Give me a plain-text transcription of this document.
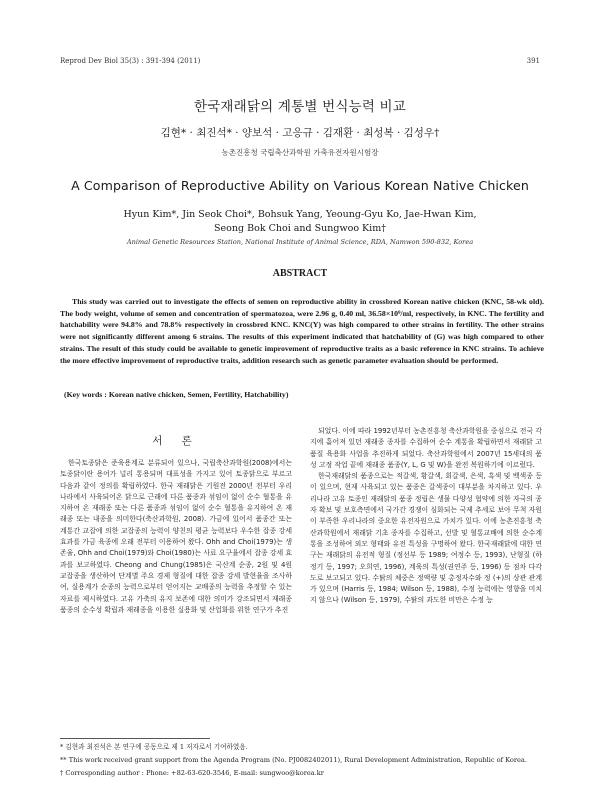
Reprod Dev Biol 35(3) : 391-394 (2011)	391
한국재래닭의 계통별 번식능력 비교
김현* · 최진석* · 양보석 · 고응규 · 김재환 · 최성복 · 김성우†
농촌진흥청 국립축산과학원 가축유전자원시험장
A Comparison of Reproductive Ability on Various Korean Native Chicken
Hyun Kim*, Jin Seok Choi*, Bohsuk Yang, Yeoung-Gyu Ko, Jae-Hwan Kim,
Seong Bok Choi and Sungwoo Kim†
Animal Genetic Resources Station, National Institute of Animal Science, RDA, Namwon 590-832, Korea
ABSTRACT
This study was carried out to investigate the effects of semen on reproductive ability in crossbred Korean native chicken (KNC, 58-wk old). The body weight, volume of semen and concentration of spermatozoa, were 2.96 g, 0.40 ml, 36.58×10⁹/ml, respectively, in KNC. The fertility and hatchability were 94.8% and 78.8% respectively in crossbred KNC. KNC(Y) was high compared to other strains in fertility. The other strains were not significantly different among 6 strains. The results of this experiment indicated that hatchability of (G) was high compared to other strains. The result of this study could be available to genetic improvement of reproductive traits as a basic reference in KNC strains. To achieve the more effective improvement of reproductive traits, addition research such as genetic parameter evaluation should be performed.
(Key words : Korean native chicken, Semen, Fertility, Hatchability)
서 론

한국토종닭은 준육용계로 분류되어 있으나, 국립축산과학원(2008)에서는 토종닭이란 용어가 널리 통용되며 대표성을 가지고 있어 토종닭으로 부르고 다음과 같이 정의를 확립하였다. 한국 재래닭은 기원전 2000년 전부터 우리나라에서 사육되어온 닭으로 근래에 다른 품종과 섞임이 없이 순수 혈통을 유지하여 온 재래종 또는 다른 품종과 섞임이 없이 순수 혈통을 유지하여 온 재래종 또는 내종을 의미한다(축산과학원, 2008). 가금에 있어서 품종간 또는 계통간 교잡에 의한 교잡종의 능력이 양친의 평균 능력보다 우수한 잡종 강세 효과를 가금 육종에 오래 전부터 이용하여 왔다. Ohh and Choi(1979)는 생존율, Ohh and Choi(1979)와 Choi(1980)는 사료 요구율에서 잡종 강세 효과를 보고하였다. Cheong and Chung(1985)은 국산계 순종, 2원 및 4원 교잡종을 생산하여 단계별 주요 경제 형질에 대한 잡종 강세 발현율을 조사하여, 실용계가 순종의 능력으로부터 얻어지는 교배종의 능력을 추정할 수 있는 자료를 제시하였다. 고유 가축의 유지 보존에 대한 의미가 강조되면서 재래종 품종의 순수성 확립과 재래종을 이용한 실용화 및 산업화를 위한 연구가 추진

되었다. 이에 따라 1992년부터 농촌진흥청 축산과학원을 중심으로 전국 각지에 흩어져 있던 재래종 종자를 수집하여 순수 계통을 확립하면서 재래닭 고품질 육용화 사업을 추진하게 되었다. 축산과학원에서 2007년 15세대의 품성 고정 작업 끝에 재래종 품종(Y, L, G 및 W)을 완전 복원하기에 이르렀다.

한국재래닭의 품종으로는 적갈색, 황갈색, 회갈색, 은색, 흑색 및 백색종 등이 있으며, 현재 사육되고 있는 품종은 갈색종이 대부분을 차지하고 있다. 우리나라 고유 토종인 재래닭의 품종 정립은 생물 다양성 협약에 의한 자국의 종자 확보 및 보호측면에서 국가간 경쟁이 심화되는 국제 추세로 보아 무척 자원이 부족한 우리나라의 중요한 유전자원으로 가치가 있다. 이에 농촌진흥청 축산과학원에서 재래닭 기초 종자를 수집하고, 선발 및 혈통교배에 의한 순수계통을 조성하여 외모 형태와 유전 특성을 구명하여 왔다. 한국재래닭에 대한 연구는 재래닭의 유전적 형질 (정선부 등 1989; 여정수 등, 1993), 난형질 (하정기 등, 1997; 오희연, 1996), 계육의 특성(권연주 등, 1996) 등 점차 다각도로 보고되고 있다. 수탉의 체중은 정액량 및 총정자수와 정 (+)의 상관 관계가 있으며 (Harris 등, 1984; Wilson 등, 1988), 수정 능력에는 영향을 미치지 않으나 (Wilson 등, 1979), 수탉의 과도한 비만은 수정 능

* 김현과 최진석은 본 연구에 공동으로 제 1 저자로서 기여하였음.
** This work received grant support from the Agenda Program (No. PJ0082402011), Rural Development Administration, Republic of Korea.
† Corresponding author : Phone: +82-63-620-3546, E-mail: sungwoo@korea.kr
